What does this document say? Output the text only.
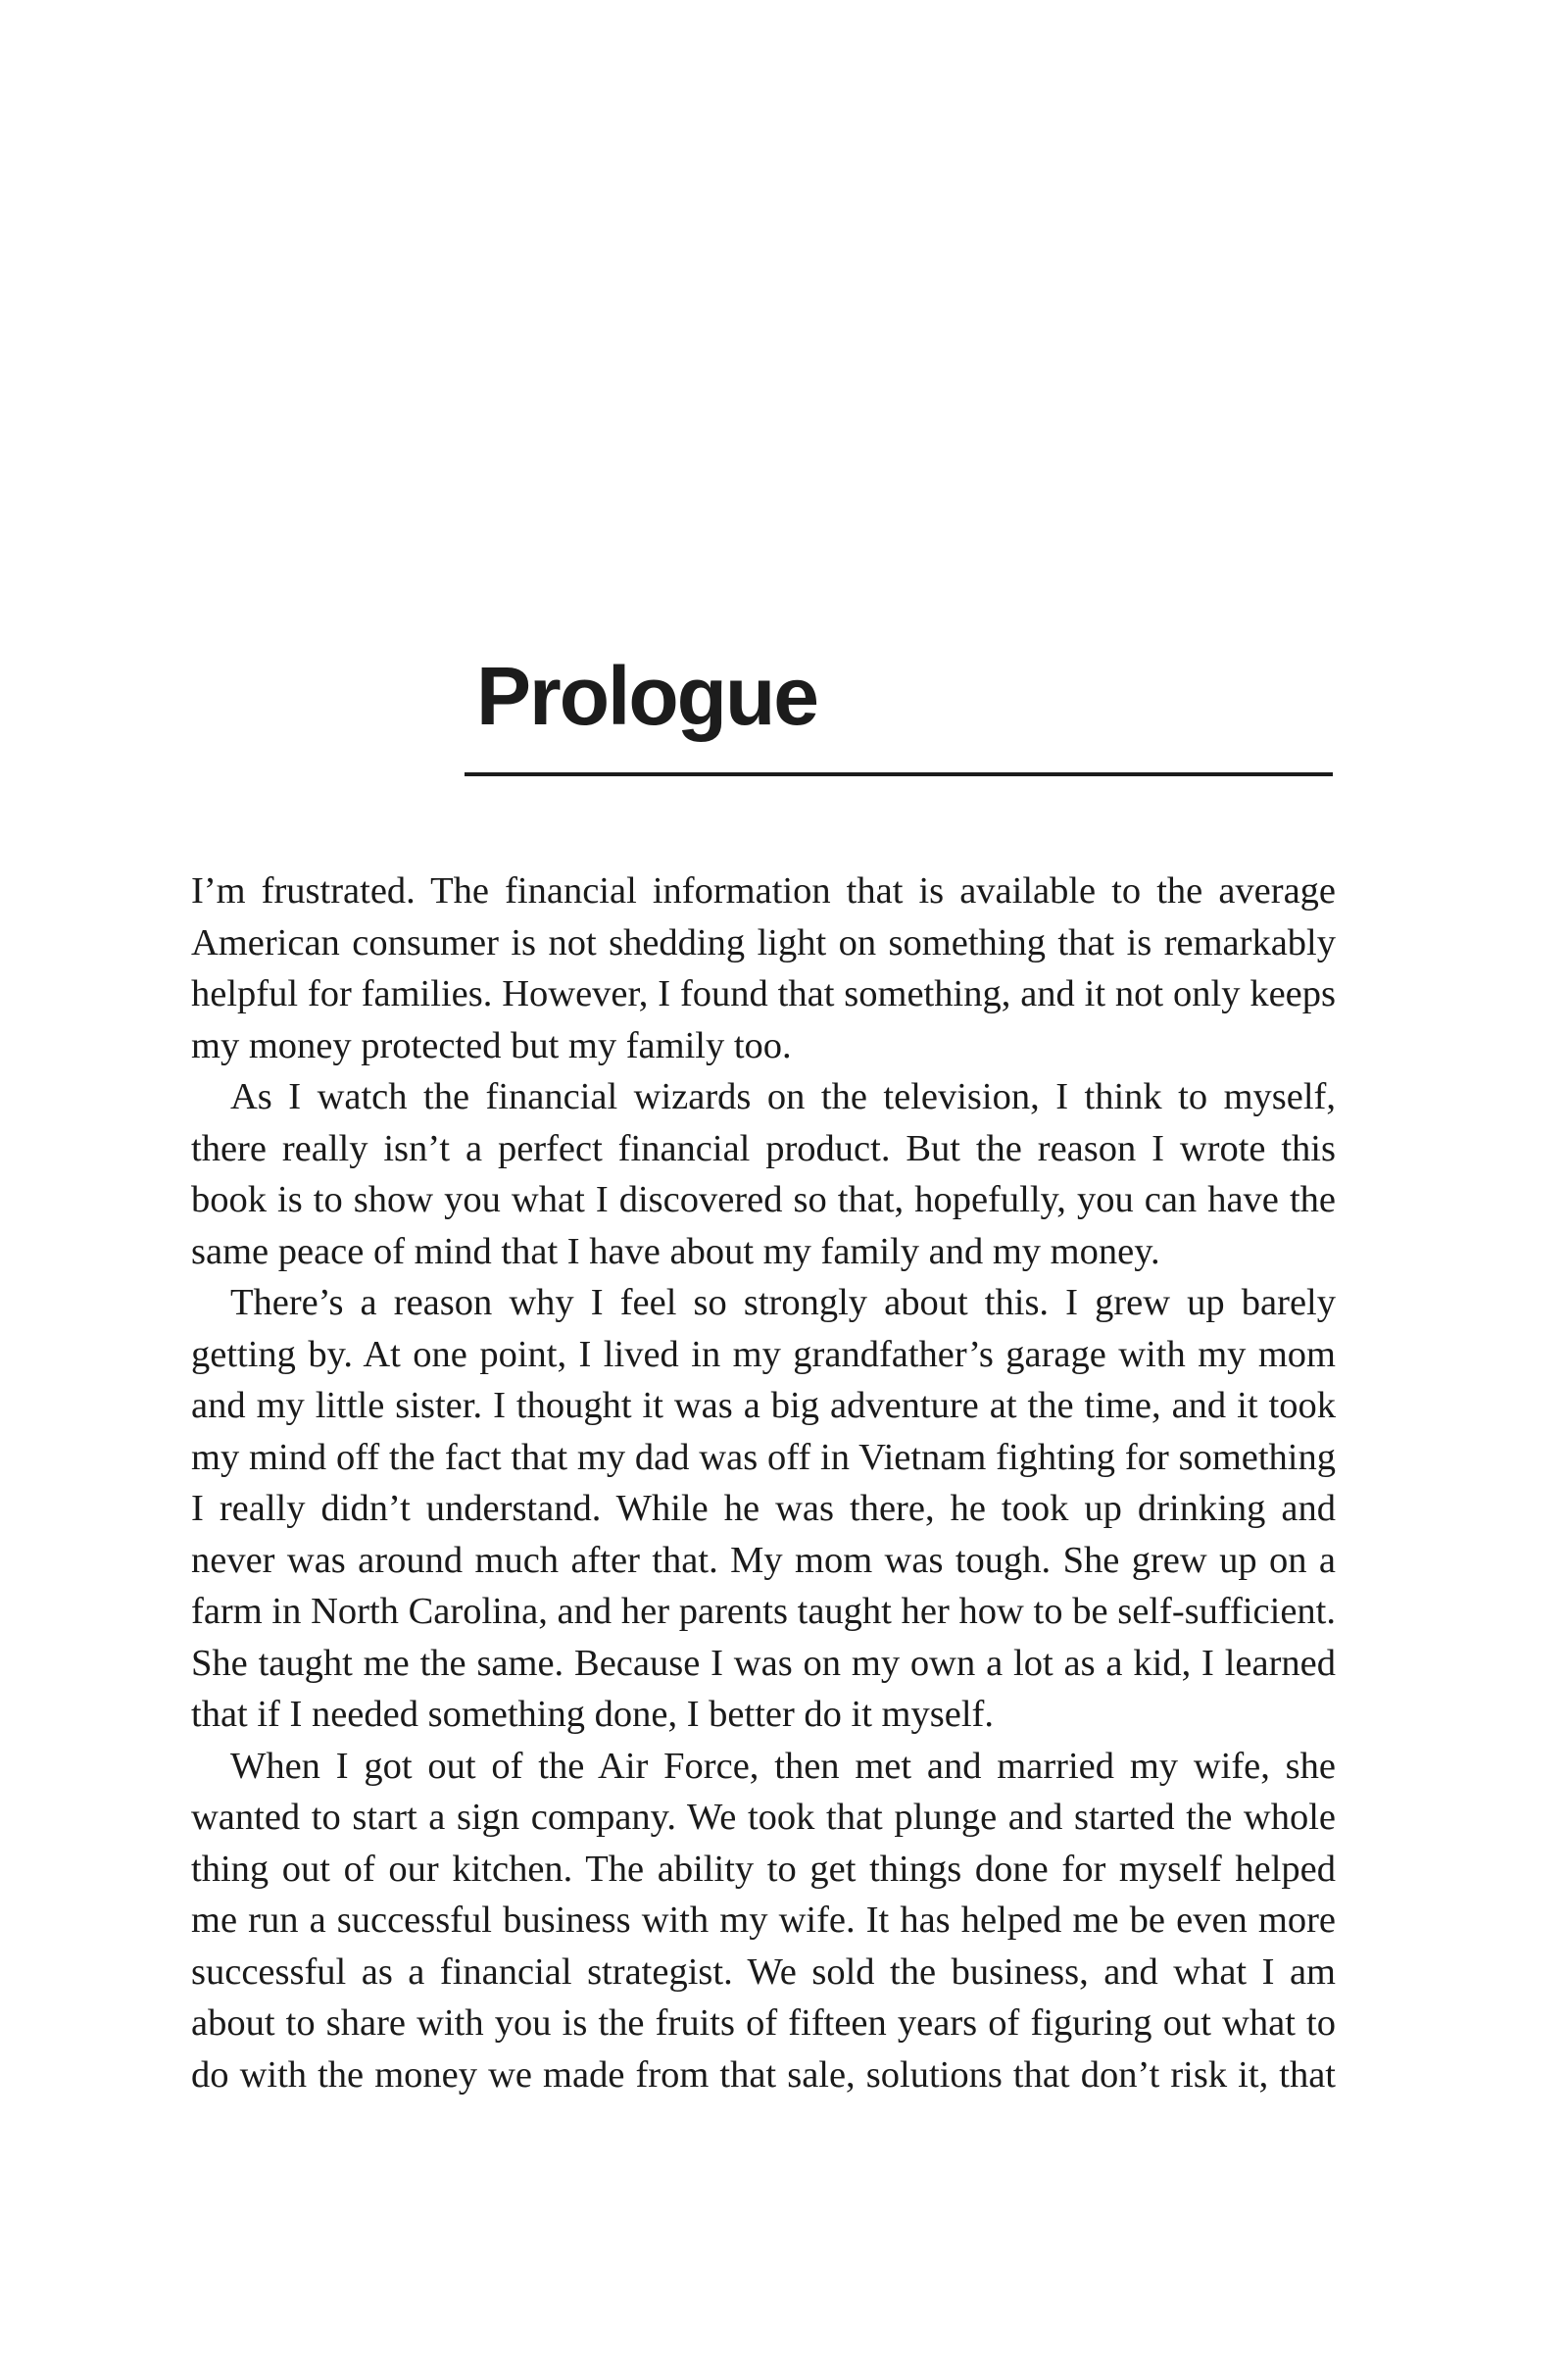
Prologue

I’m frustrated. The financial information that is available to the average American consumer is not shedding light on something that is remarkably helpful for families. However, I found that something, and it not only keeps my money protected but my family too.

As I watch the financial wizards on the television, I think to myself, there really isn’t a perfect financial product. But the reason I wrote this book is to show you what I discovered so that, hopefully, you can have the same peace of mind that I have about my family and my money.

There’s a reason why I feel so strongly about this. I grew up barely getting by. At one point, I lived in my grandfather’s garage with my mom and my little sister. I thought it was a big adventure at the time, and it took my mind off the fact that my dad was off in Vietnam fighting for something I really didn’t understand. While he was there, he took up drinking and never was around much after that. My mom was tough. She grew up on a farm in North Carolina, and her parents taught her how to be self-sufficient. She taught me the same. Because I was on my own a lot as a kid, I learned that if I needed something done, I better do it myself.

When I got out of the Air Force, then met and married my wife, she wanted to start a sign company. We took that plunge and started the whole thing out of our kitchen. The ability to get things done for myself helped me run a successful business with my wife. It has helped me be even more successful as a financial strategist. We sold the business, and what I am about to share with you is the fruits of fifteen years of figuring out what to do with the money we made from that sale, solutions that don’t risk it, that
